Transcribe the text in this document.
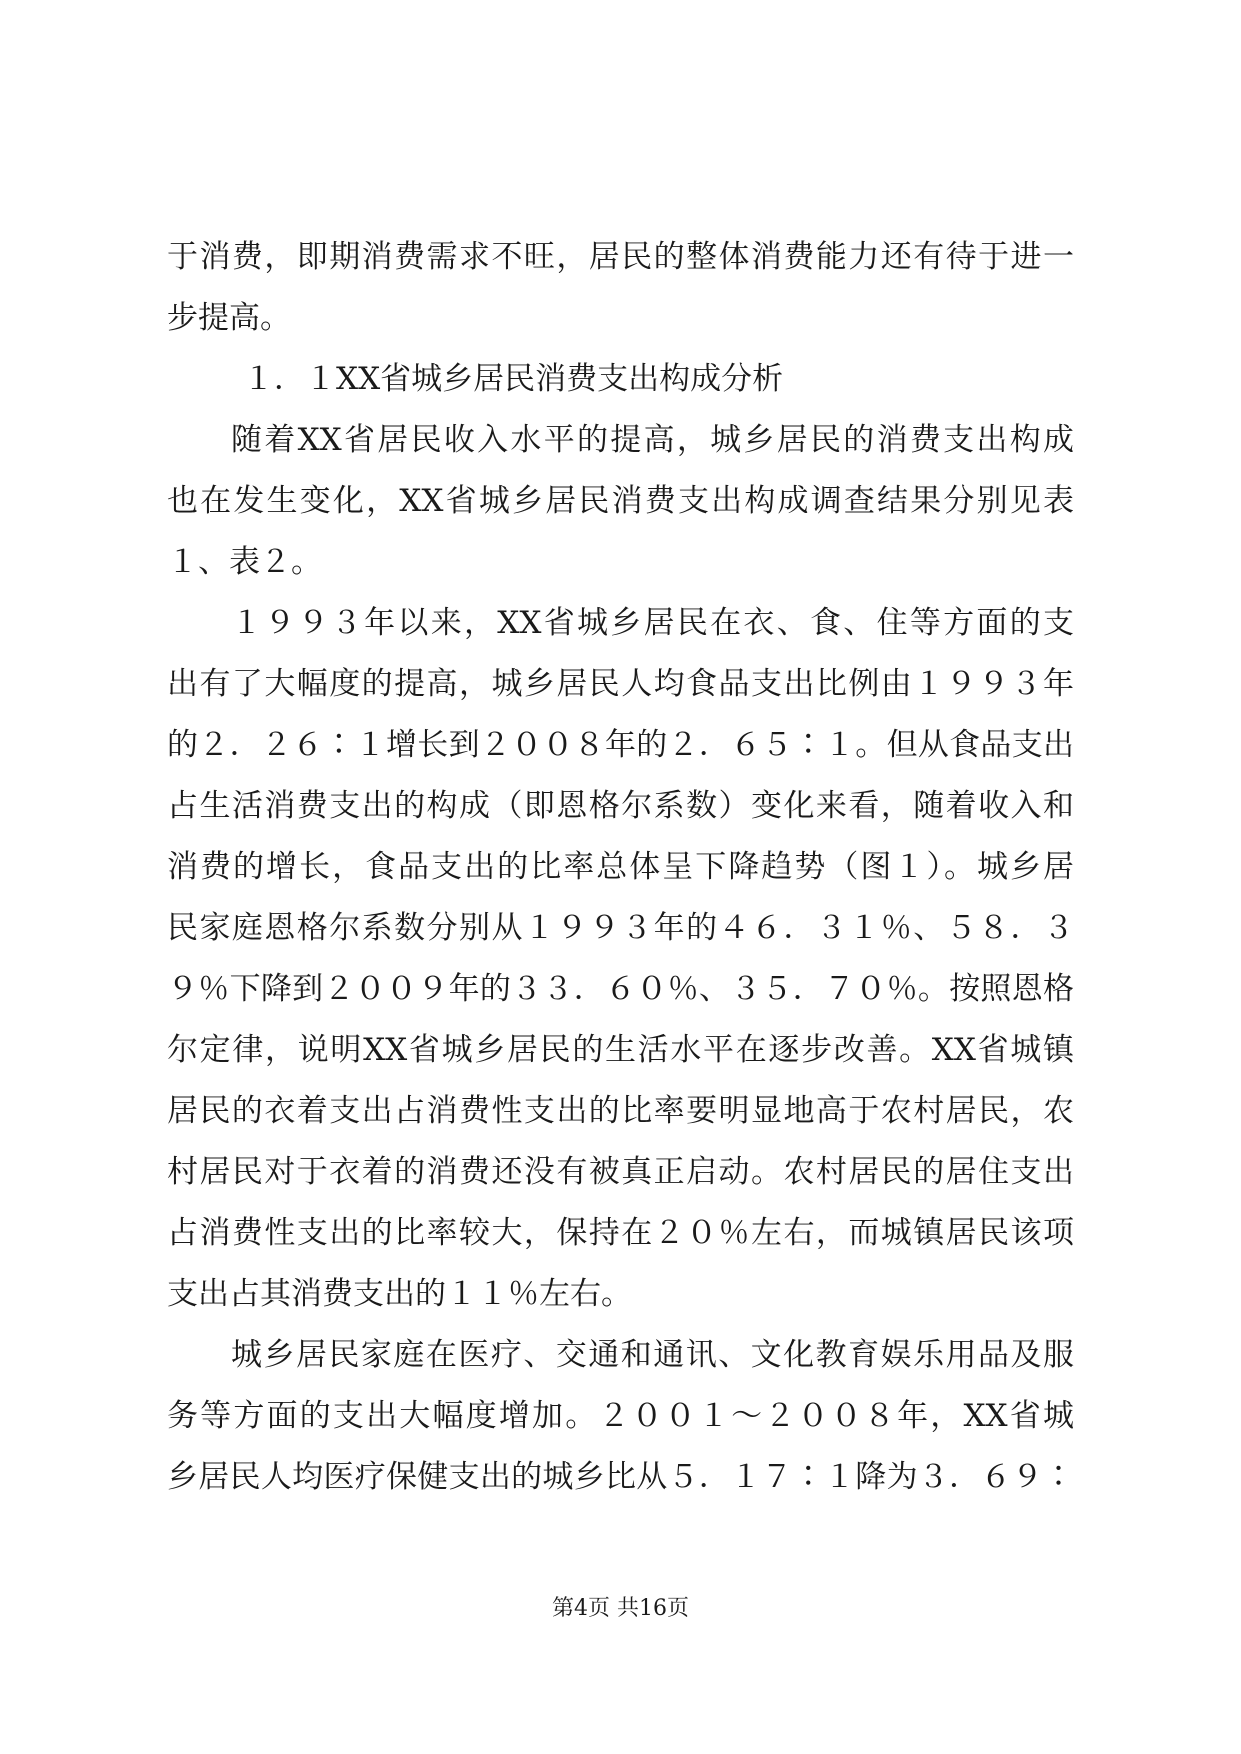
于消费，即期消费需求不旺，居民的整体消费能力还有待于进一
步提高。
１．１XX省城乡居民消费支出构成分析
随着XX省居民收入水平的提高，城乡居民的消费支出构成
也在发生变化，XX省城乡居民消费支出构成调查结果分别见表
１、表２。
１９９３年以来，XX省城乡居民在衣、食、住等方面的支
出有了大幅度的提高，城乡居民人均食品支出比例由１９９３年
的２．２６∶１增长到２００８年的２．６５∶１。但从食品支出
占生活消费支出的构成（即恩格尔系数）变化来看，随着收入和
消费的增长，食品支出的比率总体呈下降趋势（图１）。城乡居
民家庭恩格尔系数分别从１９９３年的４６．３１％、５８．３
９％下降到２００９年的３３．６０％、３５．７０％。按照恩格
尔定律，说明XX省城乡居民的生活水平在逐步改善。XX省城镇
居民的衣着支出占消费性支出的比率要明显地高于农村居民，农
村居民对于衣着的消费还没有被真正启动。农村居民的居住支出
占消费性支出的比率较大，保持在２０％左右，而城镇居民该项
支出占其消费支出的１１％左右。
城乡居民家庭在医疗、交通和通讯、文化教育娱乐用品及服
务等方面的支出大幅度增加。２００１～２００８年，XX省城
乡居民人均医疗保健支出的城乡比从５．１７∶１降为３．６９∶
第4页 共16页
